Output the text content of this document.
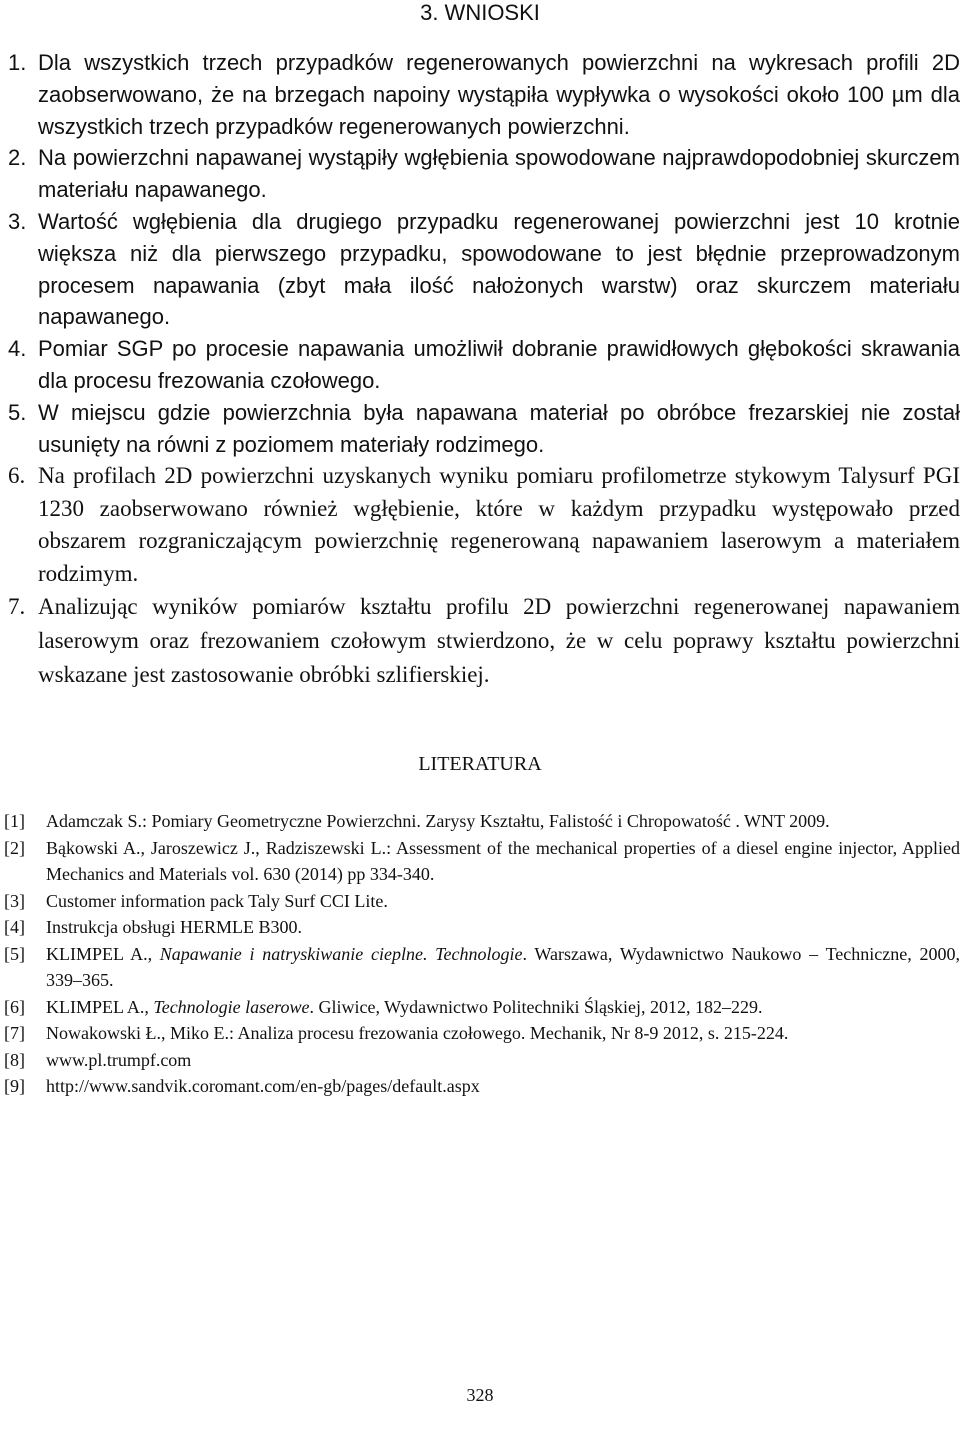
3. WNIOSKI

1. Dla wszystkich trzech przypadków regenerowanych powierzchni na wykresach profili 2D zaobserwowano, że na brzegach napoiny wystąpiła wypływka o wysokości około 100 µm dla wszystkich trzech przypadków regenerowanych powierzchni.

2. Na powierzchni napawanej wystąpiły wgłębienia spowodowane najprawdopodobniej skurczem materiału napawanego.

3. Wartość wgłębienia dla drugiego przypadku regenerowanej powierzchni jest 10 krotnie większa niż dla pierwszego przypadku, spowodowane to jest błędnie przeprowadzonym procesem napawania (zbyt mała ilość nałożonych warstw) oraz skurczem materiału napawanego.

4. Pomiar SGP po procesie napawania umożliwił dobranie prawidłowych głębokości skrawania dla procesu frezowania czołowego.

5. W miejscu gdzie powierzchnia była napawana materiał po obróbce frezarskiej nie został usunięty na równi z poziomem materiały rodzimego.

6. Na profilach 2D powierzchni uzyskanych wyniku pomiaru profilometrze stykowym Talysurf PGI 1230 zaobserwowano również wgłębienie, które w każdym przypadku występowało przed obszarem rozgraniczającym powierzchnię regenerowaną napawaniem laserowym a materiałem rodzimym.

7. Analizując wyników pomiarów kształtu profilu 2D powierzchni regenerowanej napawaniem laserowym oraz frezowaniem czołowym stwierdzono, że w celu poprawy kształtu powierzchni wskazane jest zastosowanie obróbki szlifierskiej.

LITERATURA

[1] Adamczak S.: Pomiary Geometryczne Powierzchni. Zarysy Kształtu, Falistość i Chropowatość . WNT 2009.

[2] Bąkowski A., Jaroszewicz J., Radziszewski L.: Assessment of the mechanical properties of a diesel engine injector, Applied Mechanics and Materials vol. 630 (2014) pp 334-340.

[3] Customer information pack Taly Surf CCI Lite.

[4] Instrukcja obsługi HERMLE B300.

[5] KLIMPEL A., Napawanie i natryskiwanie cieplne. Technologie. Warszawa, Wydawnictwo Naukowo – Techniczne, 2000, 339–365.

[6] KLIMPEL A., Technologie laserowe. Gliwice, Wydawnictwo Politechniki Śląskiej, 2012, 182–229.

[7] Nowakowski Ł., Miko E.: Analiza procesu frezowania czołowego. Mechanik, Nr 8-9 2012, s. 215-224.

[8] www.pl.trumpf.com

[9] http://www.sandvik.coromant.com/en-gb/pages/default.aspx

328
